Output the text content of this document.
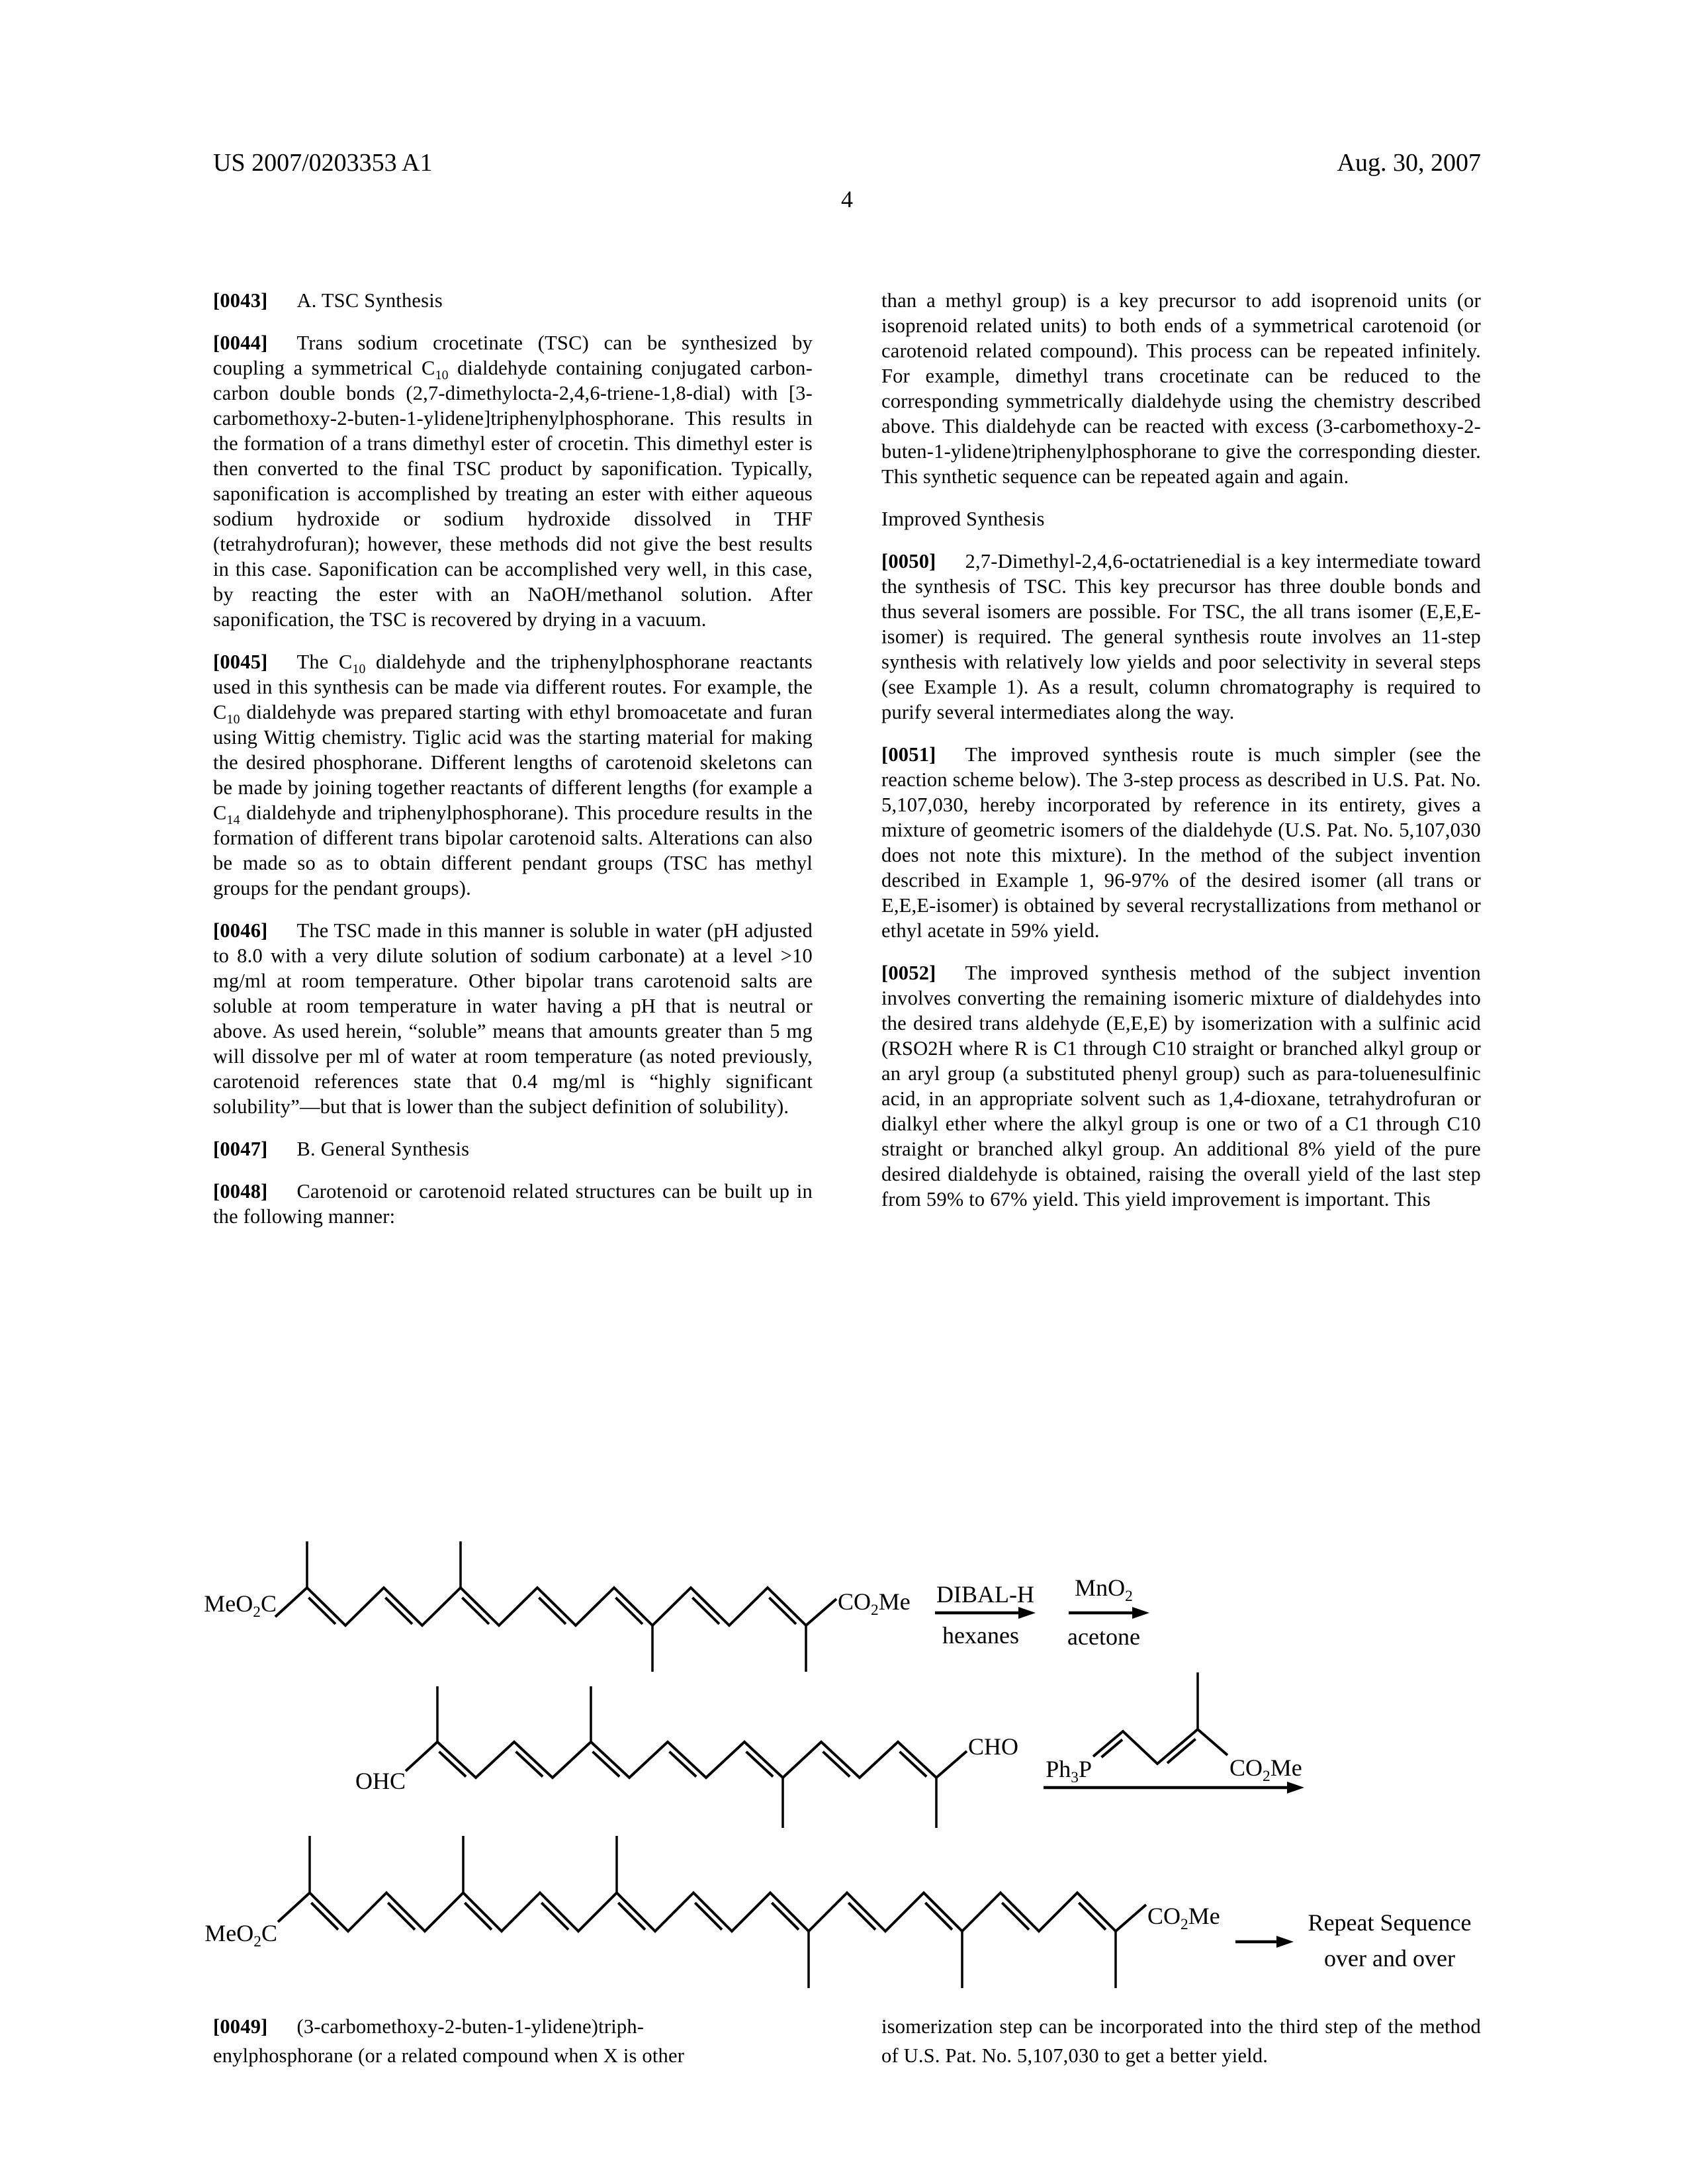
US 2007/0203353 A1	Aug. 30, 2007
4

[0043] A. TSC Synthesis

[0044] Trans sodium crocetinate (TSC) can be synthesized by coupling a symmetrical $C_{10}$ dialdehyde containing conjugated carbon-carbon double bonds (2,7-dimethylocta-2,4,6-triene-1,8-dial) with [3-carbomethoxy-2-buten-1-ylidene]triphenylphosphorane. This results in the formation of a trans dimethyl ester of crocetin. This dimethyl ester is then converted to the final TSC product by saponification. Typically, saponification is accomplished by treating an ester with either aqueous sodium hydroxide or sodium hydroxide dissolved in THF (tetrahydrofuran); however, these methods did not give the best results in this case. Saponification can be accomplished very well, in this case, by reacting the ester with an NaOH/methanol solution. After saponification, the TSC is recovered by drying in a vacuum.

[0045] The $C_{10}$ dialdehyde and the triphenylphosphorane reactants used in this synthesis can be made via different routes. For example, the $C_{10}$ dialdehyde was prepared starting with ethyl bromoacetate and furan using Wittig chemistry. Tiglic acid was the starting material for making the desired phosphorane. Different lengths of carotenoid skeletons can be made by joining together reactants of different lengths (for example a $C_{14}$ dialdehyde and triphenylphosphorane). This procedure results in the formation of different trans bipolar carotenoid salts. Alterations can also be made so as to obtain different pendant groups (TSC has methyl groups for the pendant groups).

[0046] The TSC made in this manner is soluble in water (pH adjusted to 8.0 with a very dilute solution of sodium carbonate) at a level >10 mg/ml at room temperature. Other bipolar trans carotenoid salts are soluble at room temperature in water having a pH that is neutral or above. As used herein, “soluble” means that amounts greater than 5 mg will dissolve per ml of water at room temperature (as noted previously, carotenoid references state that 0.4 mg/ml is “highly significant solubility”—but that is lower than the subject definition of solubility).

[0047] B. General Synthesis

[0048] Carotenoid or carotenoid related structures can be built up in the following manner:

than a methyl group) is a key precursor to add isoprenoid units (or isoprenoid related units) to both ends of a symmetrical carotenoid (or carotenoid related compound). This process can be repeated infinitely. For example, dimethyl trans crocetinate can be reduced to the corresponding symmetrically dialdehyde using the chemistry described above. This dialdehyde can be reacted with excess (3-carbomethoxy-2-buten-1-ylidene)triphenylphosphorane to give the corresponding diester. This synthetic sequence can be repeated again and again.

Improved Synthesis

[0050] 2,7-Dimethyl-2,4,6-octatrienedial is a key intermediate toward the synthesis of TSC. This key precursor has three double bonds and thus several isomers are possible. For TSC, the all trans isomer (E,E,E-isomer) is required. The general synthesis route involves an 11-step synthesis with relatively low yields and poor selectivity in several steps (see Example 1). As a result, column chromatography is required to purify several intermediates along the way.

[0051] The improved synthesis route is much simpler (see the reaction scheme below). The 3-step process as described in U.S. Pat. No. 5,107,030, hereby incorporated by reference in its entirety, gives a mixture of geometric isomers of the dialdehyde (U.S. Pat. No. 5,107,030 does not note this mixture). In the method of the subject invention described in Example 1, 96-97% of the desired isomer (all trans or E,E,E-isomer) is obtained by several recrystallizations from methanol or ethyl acetate in 59% yield.

[0052] The improved synthesis method of the subject invention involves converting the remaining isomeric mixture of dialdehydes into the desired trans aldehyde (E,E,E) by isomerization with a sulfinic acid (RSO2H where R is C1 through C10 straight or branched alkyl group or an aryl group (a substituted phenyl group) such as para-toluenesulfinic acid, in an appropriate solvent such as 1,4-dioxane, tetrahydrofuran or dialkyl ether where the alkyl group is one or two of a C1 through C10 straight or branched alkyl group. An additional 8% yield of the pure desired dialdehyde is obtained, raising the overall yield of the last step from 59% to 67% yield. This yield improvement is important. This

MeO$_2$C	$CO_2Me$ DIBAL-H
hexanes
MnO$_2$
acetone
OHC
CHO
$Ph_3P$	$CO_2Me$
MeO$_2$C
$CO_2Me$	Repeat Sequence
over and over
[0049] (3-carbomethoxy-2-buten-1-ylidene)triph-
enylphosphorane (or a related compound when X is other
isomerization step can be incorporated into the third step of the method of U.S. Pat. No. 5,107,030 to get a better yield.
